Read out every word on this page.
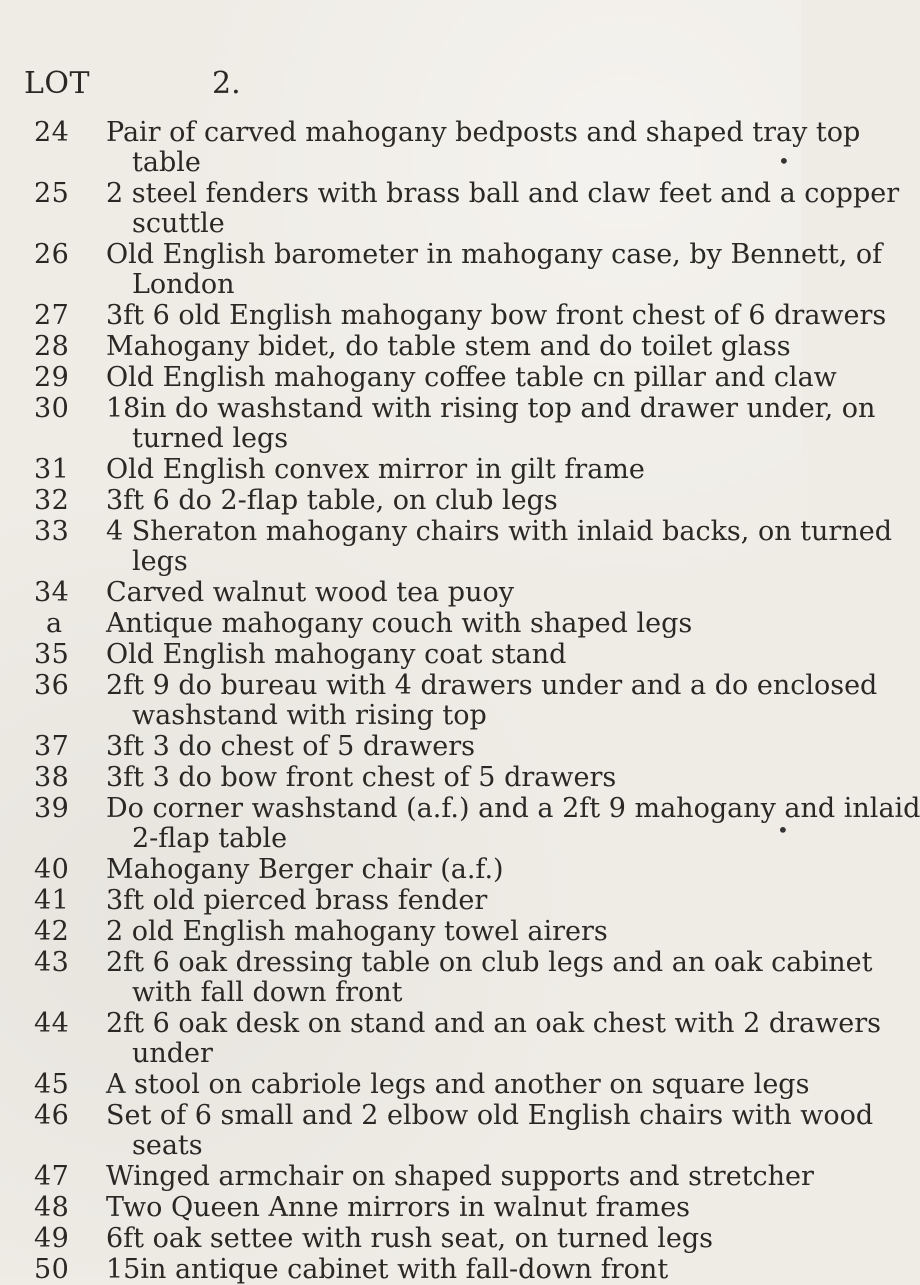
LOT	2.
24	Pair of carved mahogany bedposts and shaped tray top
table
25	2 steel fenders with brass ball and claw feet and a copper
scuttle
26	Old English barometer in mahogany case, by Bennett, of
London
27	3ft 6 old English mahogany bow front chest of 6 drawers
28	Mahogany bidet, do table stem and do toilet glass
29	Old English mahogany coffee table cn pillar and claw
30	18in do washstand with rising top and drawer under, on
turned legs
31	Old English convex mirror in gilt frame
32	3ft 6 do 2-flap table, on club legs
33	4 Sheraton mahogany chairs with inlaid backs, on turned
legs
34	Carved walnut wood tea puoy
a	Antique mahogany couch with shaped legs
35	Old English mahogany coat stand
36	2ft 9 do bureau with 4 drawers under and a do enclosed
washstand with rising top
37	3ft 3 do chest of 5 drawers
38	3ft 3 do bow front chest of 5 drawers
39	Do corner washstand (a.f.) and a 2ft 9 mahogany and inlaid
2-flap table
40	Mahogany Berger chair (a.f.)
41	3ft old pierced brass fender
42	2 old English mahogany towel airers
43	2ft 6 oak dressing table on club legs and an oak cabinet
with fall down front
44	2ft 6 oak desk on stand and an oak chest with 2 drawers
under
45	A stool on cabriole legs and another on square legs
46	Set of 6 small and 2 elbow old English chairs with wood
seats
47	Winged armchair on shaped supports and stretcher
48	Two Queen Anne mirrors in walnut frames
49	6ft oak settee with rush seat, on turned legs
50	15in antique cabinet with fall-down front
•
•
